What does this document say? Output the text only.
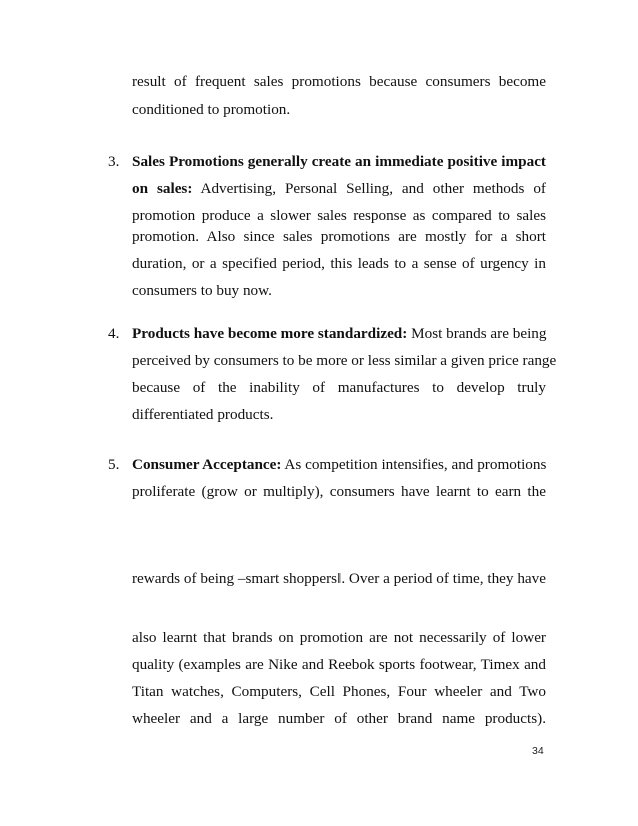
result of frequent sales promotions because consumers become
conditioned to promotion.
3. Sales Promotions generally create an immediate positive impact
on sales: Advertising, Personal Selling, and other methods of
promotion produce a slower sales response as compared to sales
promotion. Also since sales promotions are mostly for a short
duration, or a specified period, this leads to a sense of urgency in
consumers to buy now.
4. Products have become more standardized: Most brands are being
perceived by consumers to be more or less similar a given price range
because of the inability of manufactures to develop truly
differentiated products.
5. Consumer Acceptance: As competition intensifies, and promotions
proliferate (grow or multiply), consumers have learnt to earn the
rewards of being –smart shoppers‖. Over a period of time, they have
also learnt that brands on promotion are not necessarily of lower
quality (examples are Nike and Reebok sports footwear, Timex and
Titan watches, Computers, Cell Phones, Four wheeler and Two
wheeler and a large number of other brand name products).
34
